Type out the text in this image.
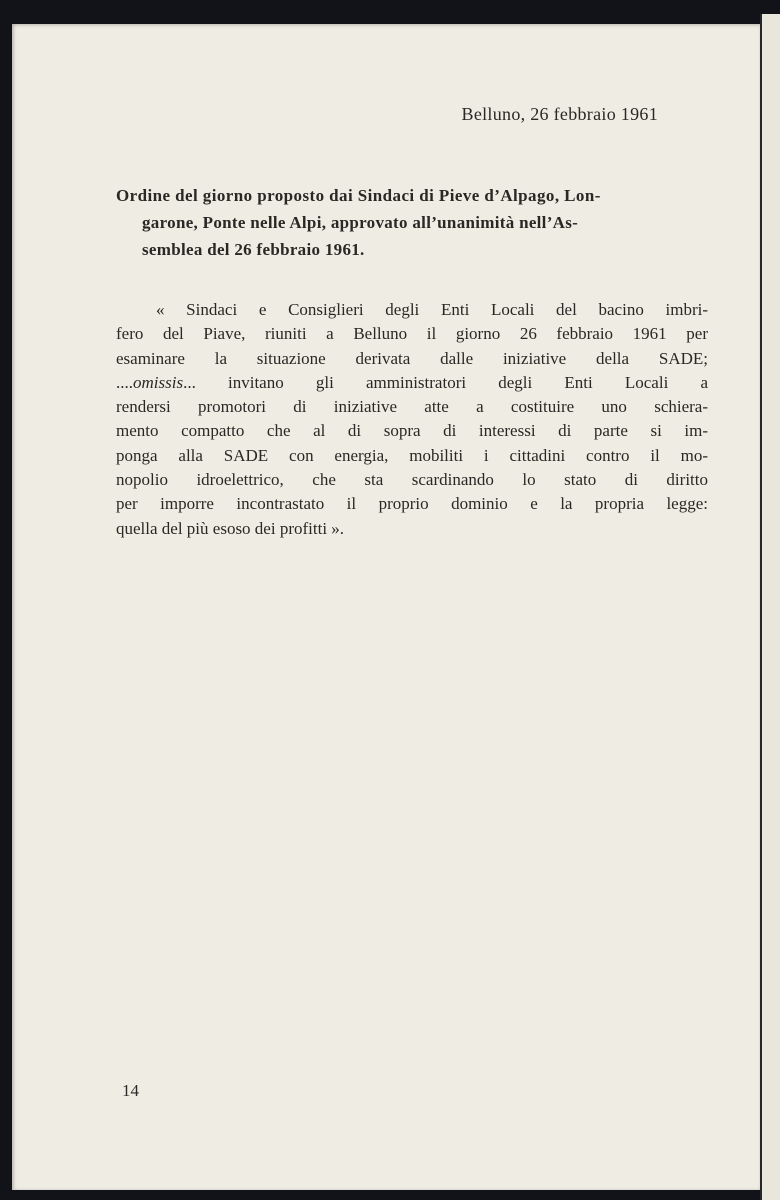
Belluno, 26 febbraio 1961
Ordine del giorno proposto dai Sindaci di Pieve d’Alpago, Lon-
garone, Ponte nelle Alpi, approvato all’unanimità nell’As-
semblea del 26 febbraio 1961.
« Sindaci e Consiglieri degli Enti Locali del bacino imbri-
fero del Piave, riuniti a Belluno il giorno 26 febbraio 1961 per
esaminare la situazione derivata dalle iniziative della SADE;
....omissis... invitano gli amministratori degli Enti Locali a
rendersi promotori di iniziative atte a costituire uno schiera-
mento compatto che al di sopra di interessi di parte si im-
ponga alla SADE con energia, mobiliti i cittadini contro il mo-
nopolio idroelettrico, che sta scardinando lo stato di diritto
per imporre incontrastato il proprio dominio e la propria legge:
quella del più esoso dei profitti ».
14
